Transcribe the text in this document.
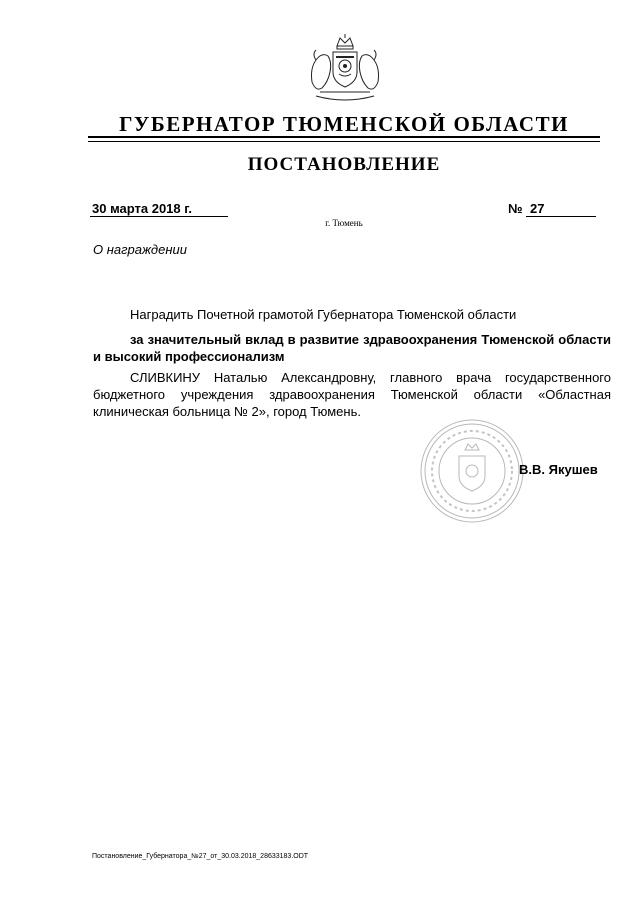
ГУБЕРНАТОР ТЮМЕНСКОЙ ОБЛАСТИ
ПОСТАНОВЛЕНИЕ
30 марта 2018 г.	№ 27
г. Тюмень
О награждении
Наградить Почетной грамотой Губернатора Тюменской области
за значительный вклад в развитие здравоохранения Тюменской области и высокий профессионализм
СЛИВКИНУ Наталью Александровну, главного врача государственного бюджетного учреждения здравоохранения Тюменской области «Областная клиническая больница № 2», город Тюмень.
В.В. Якушев
Постановление_Губернатора_№27_от_30.03.2018_28633183.ODT
